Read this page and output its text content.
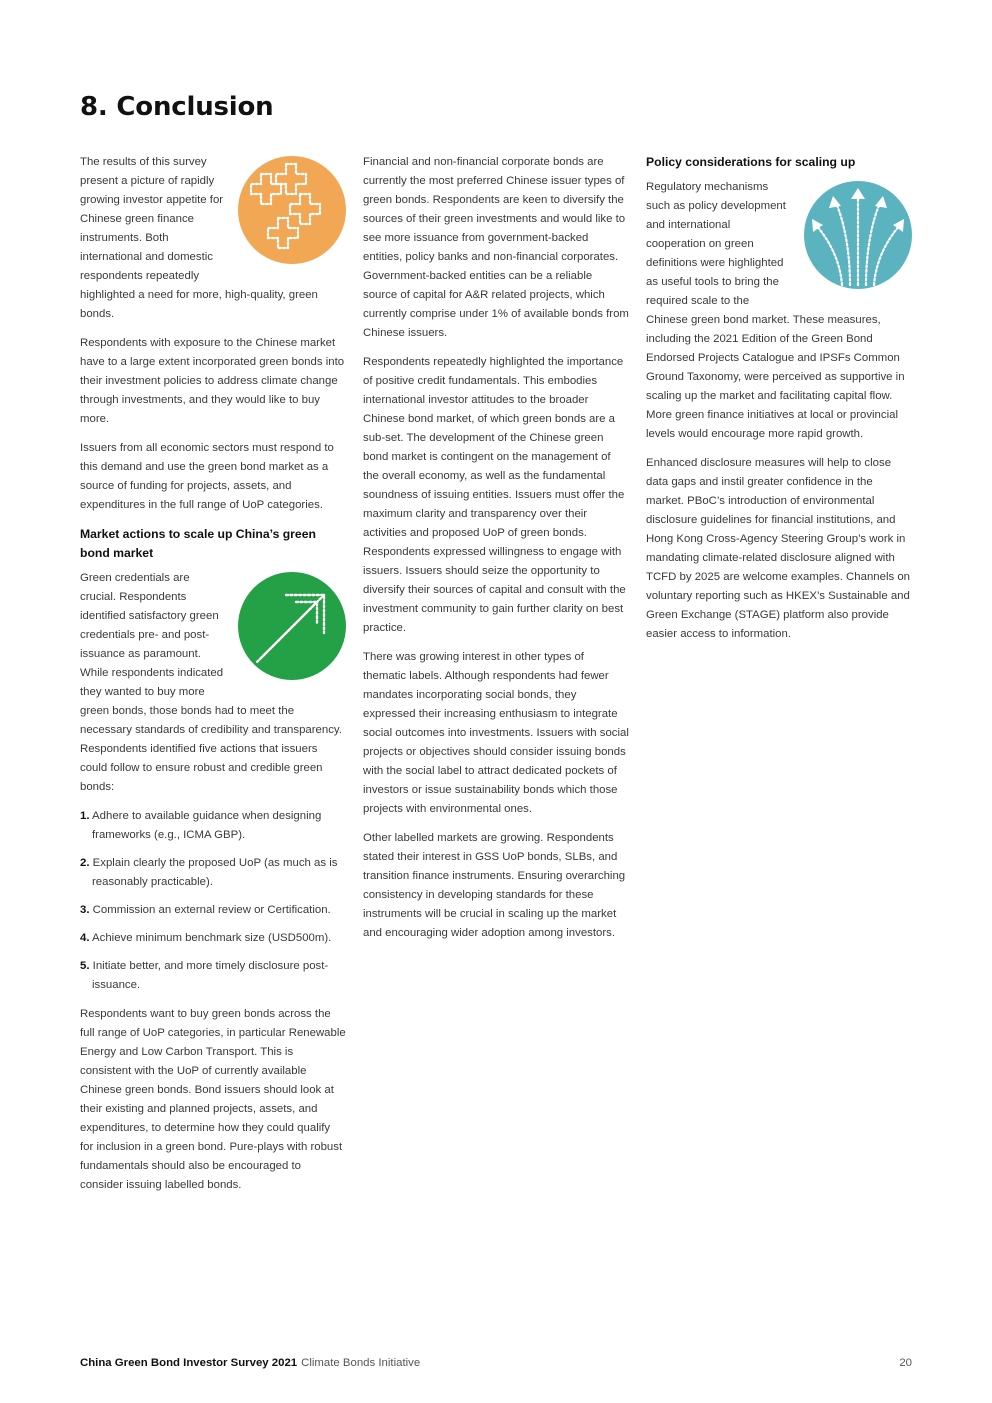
8. Conclusion

The results of this survey present a picture of rapidly growing investor appetite for Chinese green finance instruments. Both international and domestic respondents repeatedly highlighted a need for more, high-quality, green bonds.

Respondents with exposure to the Chinese market have to a large extent incorporated green bonds into their investment policies to address climate change through investments, and they would like to buy more.

Issuers from all economic sectors must respond to this demand and use the green bond market as a source of funding for projects, assets, and expenditures in the full range of UoP categories.

Market actions to scale up China’s green bond market

Green credentials are crucial. Respondents identified satisfactory green credentials pre- and post-issuance as paramount. While respondents indicated they wanted to buy more green bonds, those bonds had to meet the necessary standards of credibility and transparency. Respondents identified five actions that issuers could follow to ensure robust and credible green bonds:

1. Adhere to available guidance when designing frameworks (e.g., ICMA GBP).
2. Explain clearly the proposed UoP (as much as is reasonably practicable).
3. Commission an external review or Certification.
4. Achieve minimum benchmark size (USD500m).
5. Initiate better, and more timely disclosure post-issuance.

Respondents want to buy green bonds across the full range of UoP categories, in particular Renewable Energy and Low Carbon Transport. This is consistent with the UoP of currently available Chinese green bonds. Bond issuers should look at their existing and planned projects, assets, and expenditures, to determine how they could qualify for inclusion in a green bond. Pure-plays with robust fundamentals should also be encouraged to consider issuing labelled bonds.

Financial and non-financial corporate bonds are currently the most preferred Chinese issuer types of green bonds. Respondents are keen to diversify the sources of their green investments and would like to see more issuance from government-backed entities, policy banks and non-financial corporates. Government-backed entities can be a reliable source of capital for A&R related projects, which currently comprise under 1% of available bonds from Chinese issuers.

Respondents repeatedly highlighted the importance of positive credit fundamentals. This embodies international investor attitudes to the broader Chinese bond market, of which green bonds are a sub-set. The development of the Chinese green bond market is contingent on the management of the overall economy, as well as the fundamental soundness of issuing entities. Issuers must offer the maximum clarity and transparency over their activities and proposed UoP of green bonds. Respondents expressed willingness to engage with issuers. Issuers should seize the opportunity to diversify their sources of capital and consult with the investment community to gain further clarity on best practice.

There was growing interest in other types of thematic labels. Although respondents had fewer mandates incorporating social bonds, they expressed their increasing enthusiasm to integrate social outcomes into investments. Issuers with social projects or objectives should consider issuing bonds with the social label to attract dedicated pockets of investors or issue sustainability bonds which those projects with environmental ones.

Other labelled markets are growing. Respondents stated their interest in GSS UoP bonds, SLBs, and transition finance instruments. Ensuring overarching consistency in developing standards for these instruments will be crucial in scaling up the market and encouraging wider adoption among investors.

Policy considerations for scaling up

Regulatory mechanisms such as policy development and international cooperation on green definitions were highlighted as useful tools to bring the required scale to the Chinese green bond market. These measures, including the 2021 Edition of the Green Bond Endorsed Projects Catalogue and IPSFs Common Ground Taxonomy, were perceived as supportive in scaling up the market and facilitating capital flow. More green finance initiatives at local or provincial levels would encourage more rapid growth.

Enhanced disclosure measures will help to close data gaps and instil greater confidence in the market. PBoC’s introduction of environmental disclosure guidelines for financial institutions, and Hong Kong Cross-Agency Steering Group’s work in mandating climate-related disclosure aligned with TCFD by 2025 are welcome examples. Channels on voluntary reporting such as HKEX’s Sustainable and Green Exchange (STAGE) platform also provide easier access to information.

China Green Bond Investor Survey 2021 Climate Bonds Initiative	20
